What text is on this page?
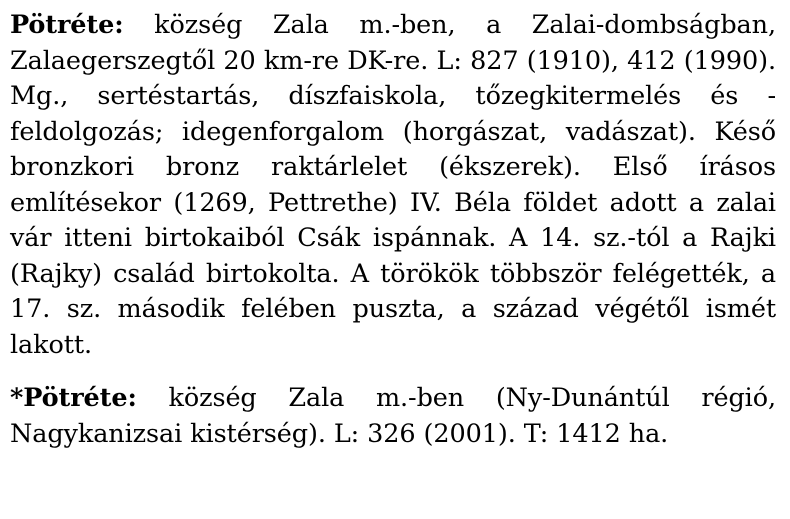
Pötréte: község Zala m.-ben, a Zalai-dombságban, Zalaegerszegtől 20 km-re DK-re. L: 827 (1910), 412 (1990). Mg., sertéstartás, díszfaiskola, tőzegkitermelés és -feldolgozás; idegenforgalom (horgászat, vadászat). Késő bronzkori bronz raktárlelet (ékszerek). Első írásos említésekor (1269, Pettrethe) IV. Béla földet adott a zalai vár itteni birtokaiból Csák ispánnak. A 14. sz.-tól a Rajki (Rajky) család birtokolta. A törökök többször felégették, a 17. sz. második felében puszta, a század végétől ismét lakott.

*Pötréte: község Zala m.-ben (Ny-Dunántúl régió, Nagykanizsai kistérség). L: 326 (2001). T: 1412 ha.
